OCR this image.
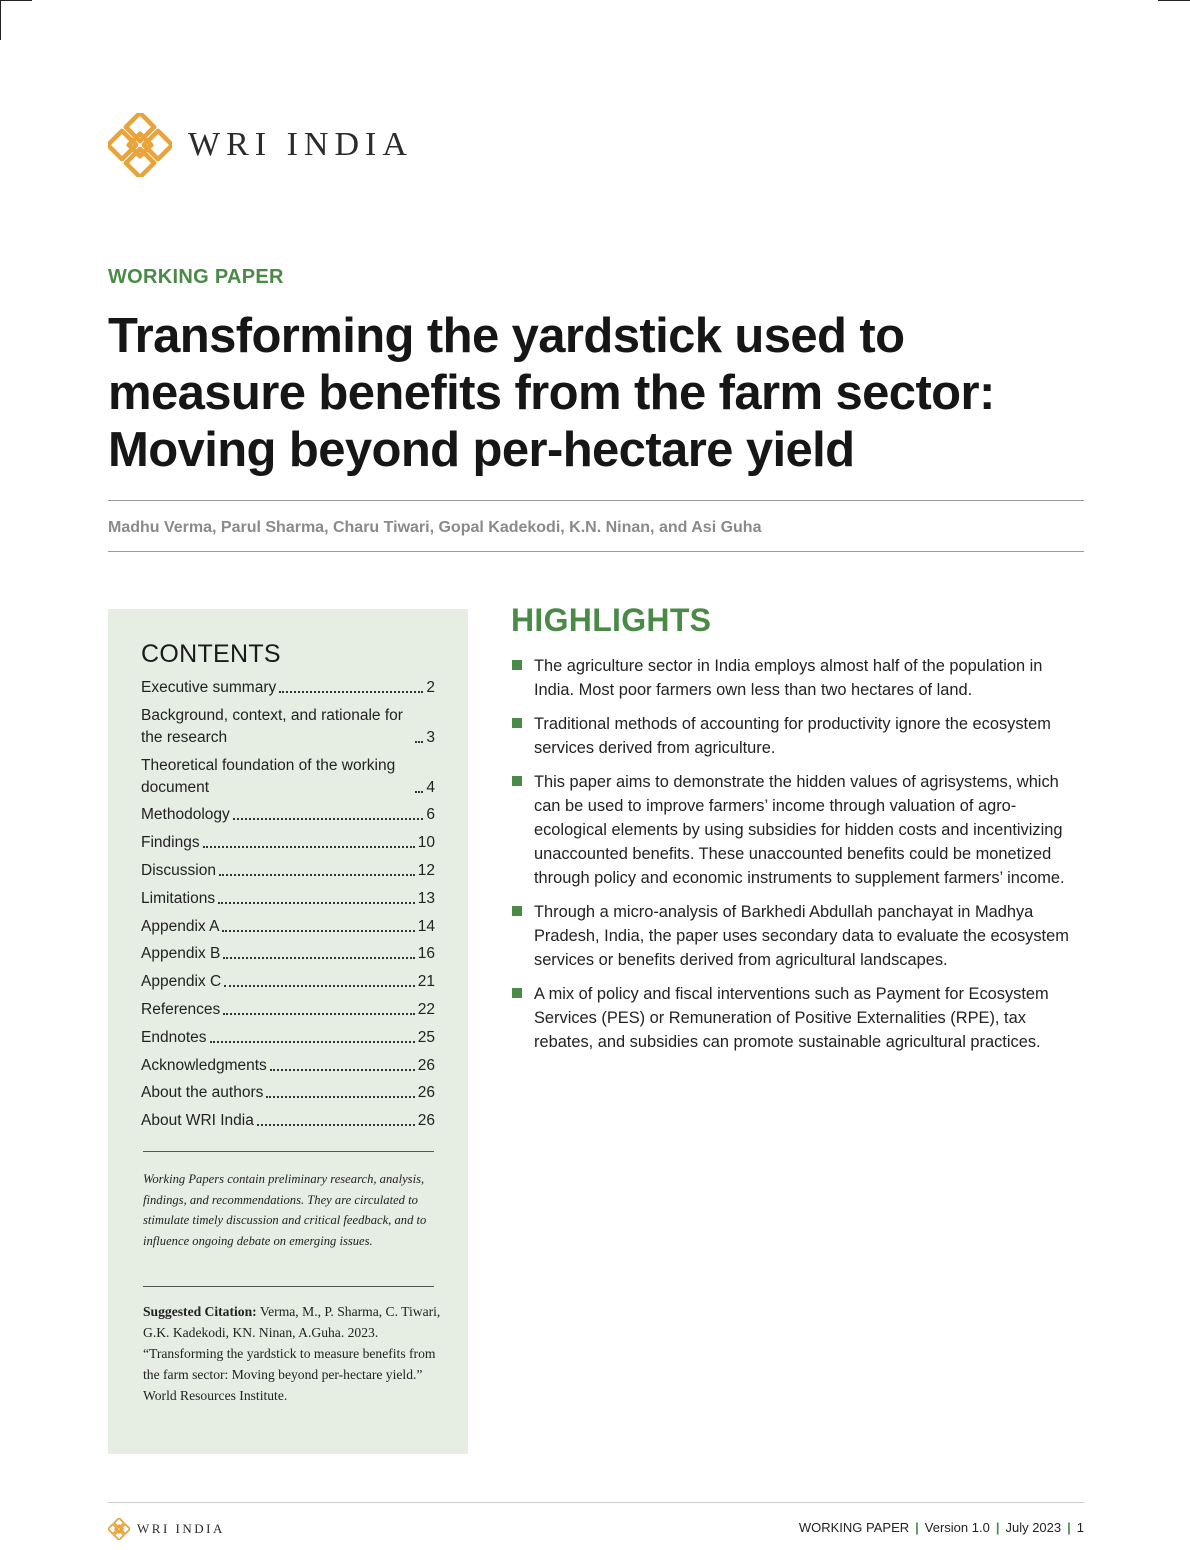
WRI INDIA
WORKING PAPER
Transforming the yardstick used to measure benefits from the farm sector: Moving beyond per-hectare yield
Madhu Verma, Parul Sharma, Charu Tiwari, Gopal Kadekodi, K.N. Ninan, and Asi Guha
CONTENTS
Executive summary	2
Background, context, and rationale for the research	3
Theoretical foundation of the working document	4
Methodology	6
Findings	10
Discussion	12
Limitations	13
Appendix A	14
Appendix B	16
Appendix C	21
References	22
Endnotes	25
Acknowledgments	26
About the authors	26
About WRI India	26

Working Papers contain preliminary research, analysis, findings, and recommendations. They are circulated to stimulate timely discussion and critical feedback, and to influence ongoing debate on emerging issues.

Suggested Citation: Verma, M., P. Sharma, C. Tiwari, G.K. Kadekodi, KN. Ninan, A.Guha. 2023. “Transforming the yardstick to measure benefits from the farm sector: Moving beyond per-hectare yield.” World Resources Institute.

HIGHLIGHTS
The agriculture sector in India employs almost half of the population in India. Most poor farmers own less than two hectares of land.
Traditional methods of accounting for productivity ignore the ecosystem services derived from agriculture.
This paper aims to demonstrate the hidden values of agrisystems, which can be used to improve farmers’ income through valuation of agro-ecological elements by using subsidies for hidden costs and incentivizing unaccounted benefits. These unaccounted benefits could be monetized through policy and economic instruments to supplement farmers’ income.
Through a micro-analysis of Barkhedi Abdullah panchayat in Madhya Pradesh, India, the paper uses secondary data to evaluate the ecosystem services or benefits derived from agricultural landscapes.
A mix of policy and fiscal interventions such as Payment for Ecosystem Services (PES) or Remuneration of Positive Externalities (RPE), tax rebates, and subsidies can promote sustainable agricultural practices.
WRI INDIA	WORKING PAPER | Version 1.0 | July 2023 | 1
